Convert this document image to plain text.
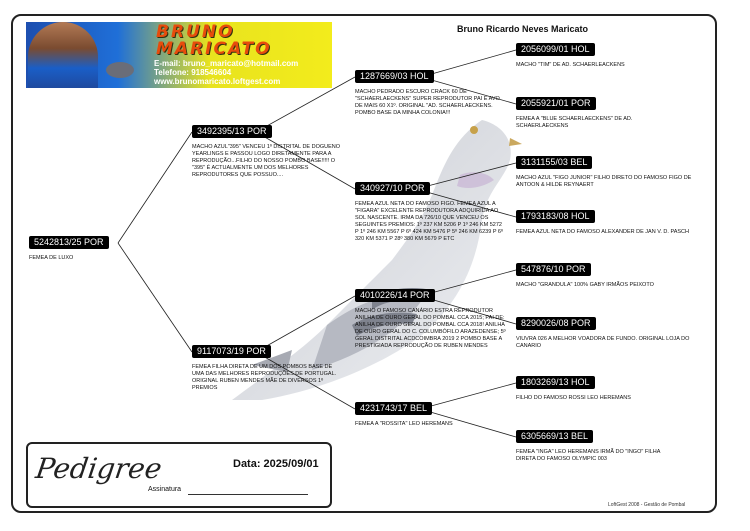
BRUNO
MARICATO
E-mail: bruno_maricato@hotmail.com
Telefone: 918546604
www.brunomaricato.loftgest.com
Bruno Ricardo Neves Maricato
5242813/25 POR
FEMEA DE LUXO
3492395/13 POR
MACHO AZUL"395" VENCEU 1º DISTRITAL DE DOGUENO YEARLINGS E PASSOU LOGO DIRETAMENTE PARA A REPRODUÇÃO...FILHO DO NOSSO POMBO BASE!!!!! O "395" É ACTUALMENTE UM DOS MELHORES REPRODUTORES QUE POSSUO....
9117073/19 POR
FEMEA FILHA DIRETA DE UM DOS POMBOS BASE DE UMA DAS MELHORES REPRODUÇÕES DE PORTUGAL. ORIGINAL RUBEN MENDES MÃE DE DIVERSOS 1º PREMIOS
1287669/03 HOL
MACHO PEDRADO ESCURO CRACK 60 DE "SCHAERLAECKENS" SUPER REPRODUTOR PAI E AVO DE MAIS 60 X1º. ORIGINAL "AD. SCHAERLAECKENS. POMBO BASE DA MINHA COLONIA!!!
340927/10 POR
FEMEA AZUL NETA DO FAMOSO FIGO. FEMEA AZUL A "FIGARA" EXCELENTE REPRODUTORA ADQUIRIDA AO SOL NASCENTE. IRMA DA 726/10 QUE VENCEU OS SEGUINTES PREMIOS: 1º 237 KM 5206 P 1º 246 KM 5272 P 1º 246 KM 5567 P 6º 424 KM 5476 P 5º 246 KM 6239 P 6º 320 KM 5371 P 28º 380 KM 5679 P ETC
4010226/14 POR
MACHO O FAMOSO CANÁRIO ESTRA REPRODUTOR ANILHA DE OURO GERAL DO POMBAL CCA 2015; PAI DE: ANILHA DE OURO GERAL DO POMBAL CCA 2018! ANILHA DE OURO GERAL DO C. COLUMBÓFILO ARAZEDENSE; 5º GERAL DISTRITAL ACDCOIMBRA 2019 2 POMBO BASE A PRESTIGIADA REPRODUÇÃO DE RUBEN MENDES
4231743/17 BEL
FEMEA A "ROSSITA" LEO HEREMANS
2056099/01 HOL
MACHO "TIM" DE AD. SCHAERLEACKENS
2055921/01 POR
FEMEA A "BLUE SCHAERLAECKENS" DE AD. SCHAERLAECKENS
3131155/03 BEL
MACHO AZUL "FIGO JUNIOR" FILHO DIRETO DO FAMOSO FIGO DE ANTOON & HILDE REYNAERT
1793183/08 HOL
FEMEA AZUL NETA DO FAMOSO ALEXANDER DE JAN V. D. PASCH
547876/10 POR
MACHO "GRANDULA" 100% GABY IRMÃOS PEIXOTO
8290026/08 POR
VIUVRA 026 A MELHOR VOADORA DE FUNDO. ORIGINAL LOJA DO CANARIO
1803269/13 HOL
FILHO DO FAMOSO ROSSI LEO HEREMANS
6305669/13 BEL
FEMEA "INGA" LEO HEREMANS IRMÃ DO "INGO" FILHA DIRETA DO FAMOSO OLYMPIC 003
Pedigree	Data: 2025/09/01
Assinatura
LoftGest 2008 - Gestão de Pombal
